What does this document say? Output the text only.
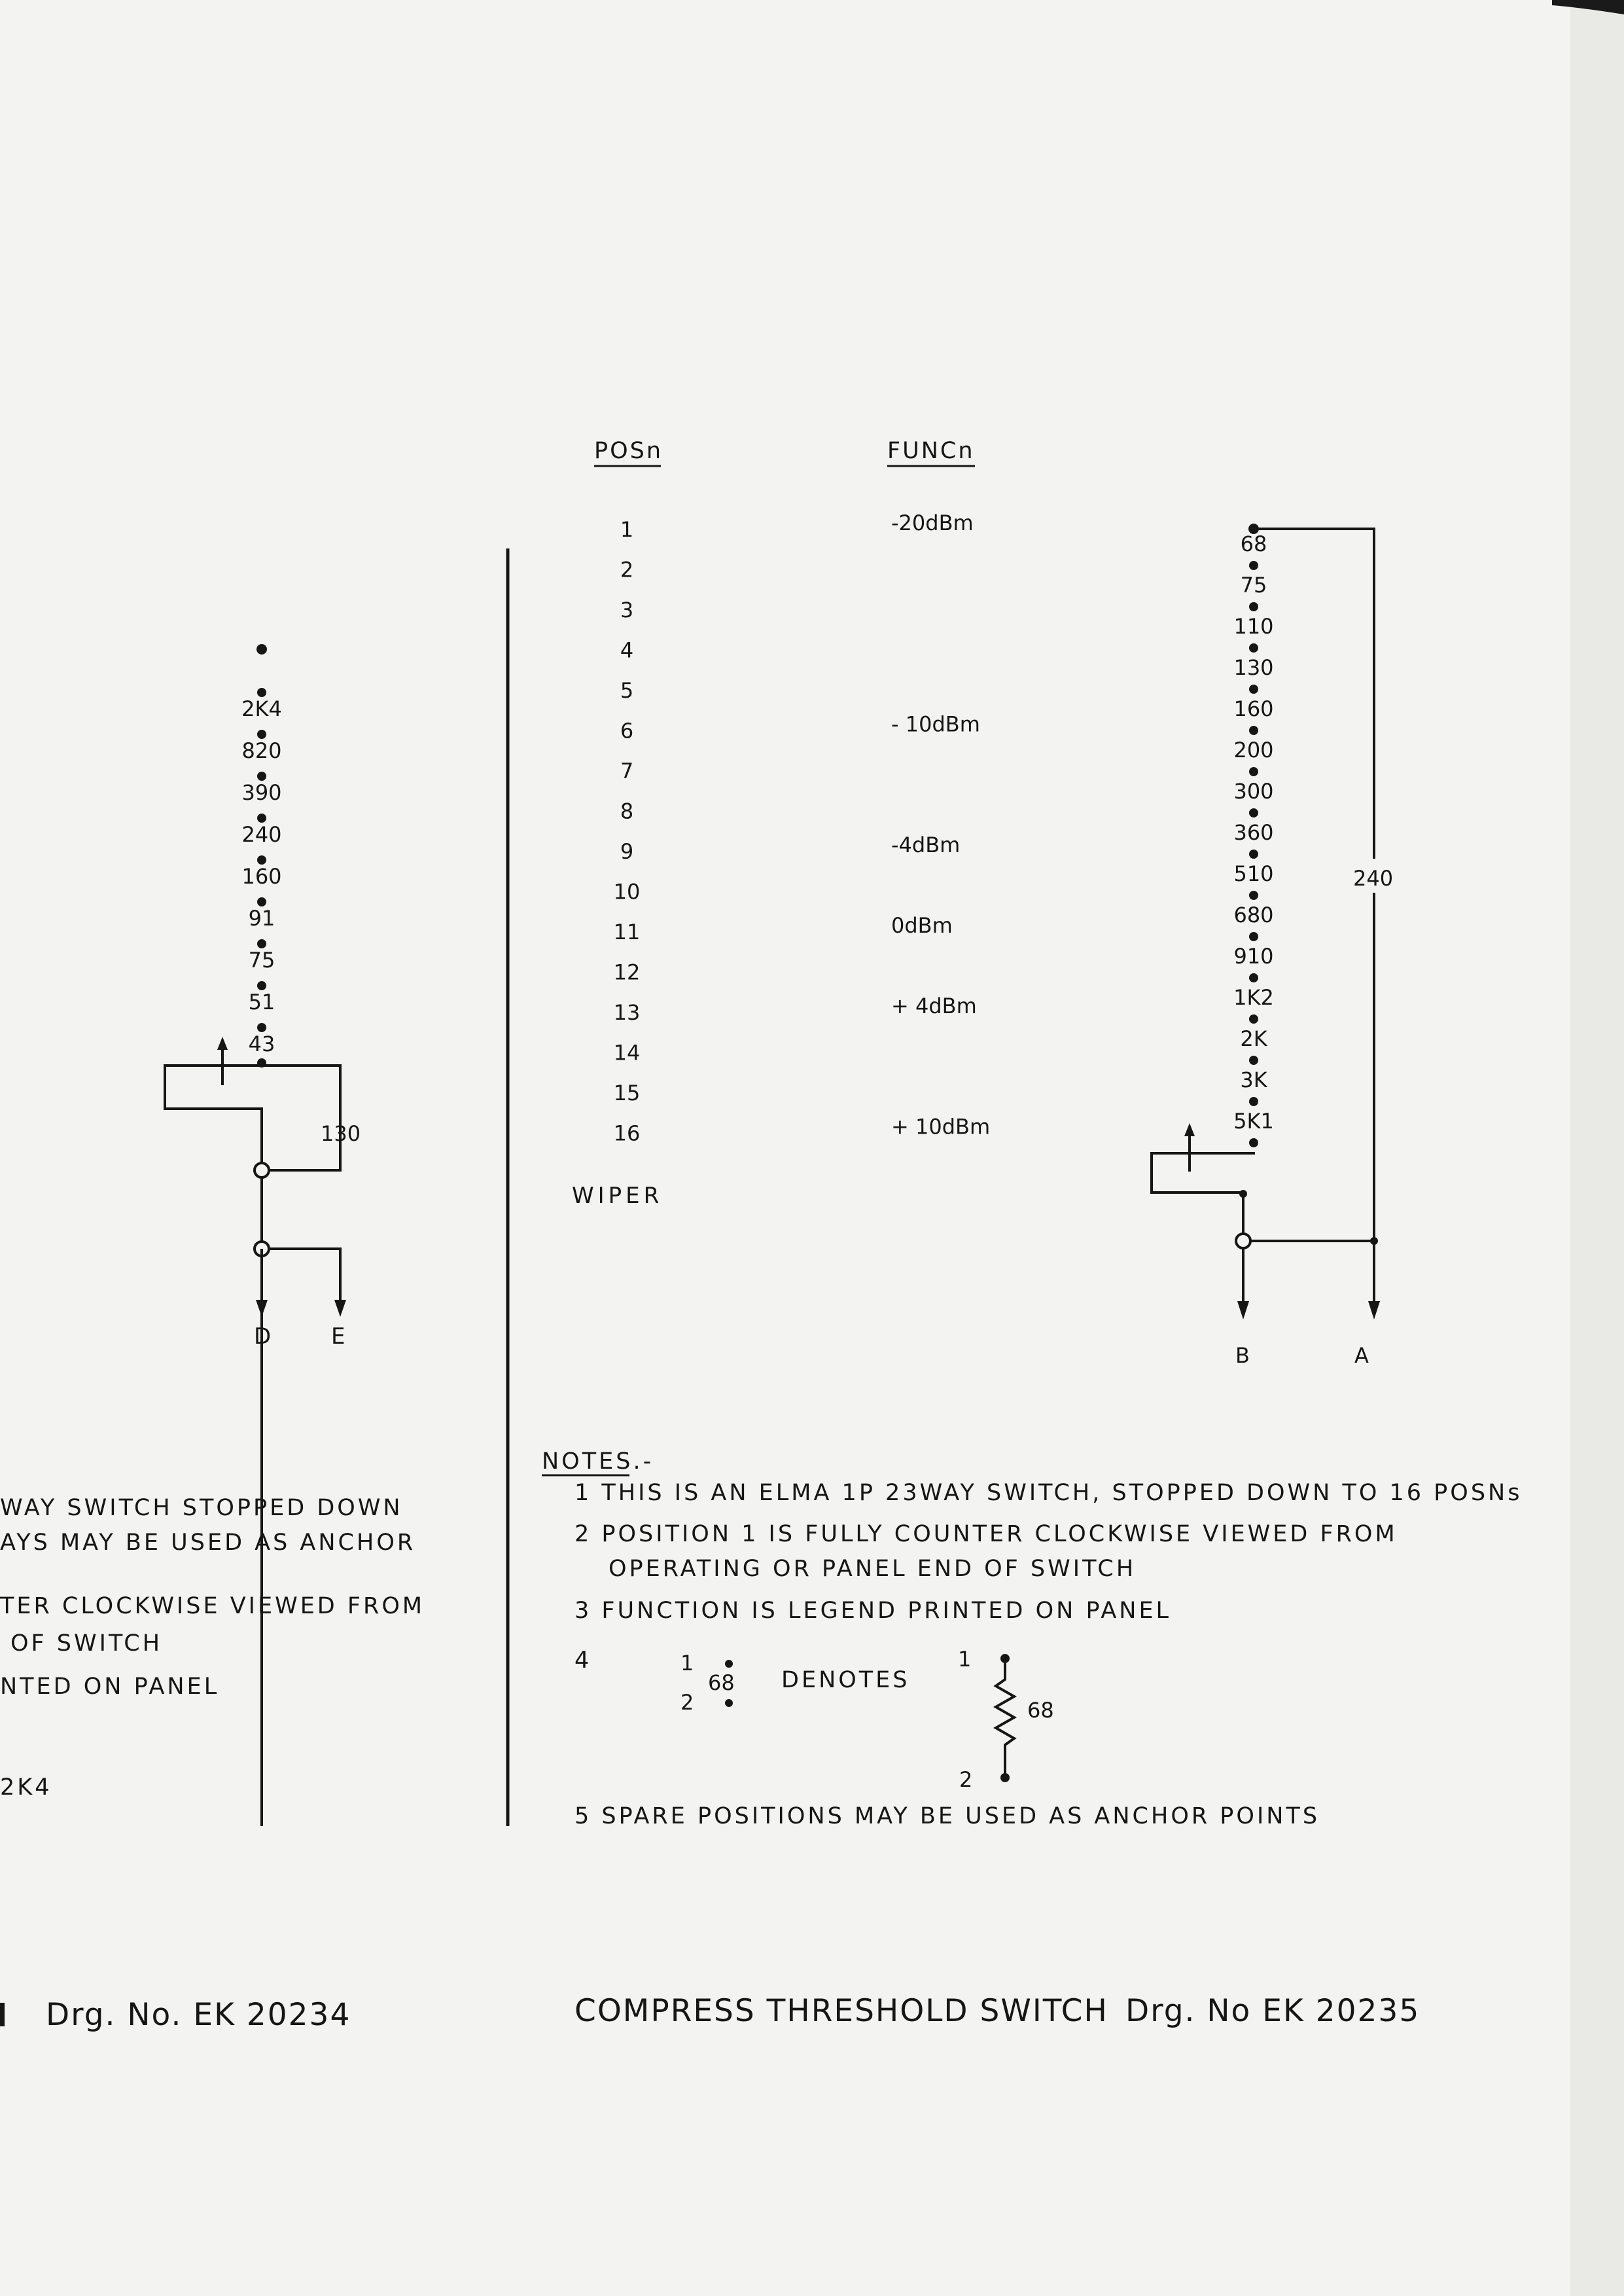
2K4
820
390
240
160
91
75
51
43
130
D	E
WAY SWITCH STOPPED DOWN
AYS MAY BE USED AS ANCHOR
TER CLOCKWISE VIEWED FROM
OF SWITCH
NTED ON PANEL
2K4
Drg. No. EK 20234
POSn	FUNCn
1	-20dBm
2
3
4
5
6	- 10dBm
7
8
9	-4dBm
10
11	0dBm
12
13	+ 4dBm
14
15
16	+ 10dBm
WIPER
240
68
75
110
130
160
200
300
360
510
680
910
1K2
2K
3K
5K1
B	A
NOTES.-
1 THIS IS AN ELMA 1P 23WAY SWITCH, STOPPED DOWN TO 16 POSNs
2 POSITION 1 IS FULLY COUNTER CLOCKWISE VIEWED FROM
OPERATING OR PANEL END OF SWITCH
3 FUNCTION IS LEGEND PRINTED ON PANEL
4
5 SPARE POSITIONS MAY BE USED AS ANCHOR POINTS
1
68
2
DENOTES
1
2
68
COMPRESS THRESHOLD SWITCH Drg. No EK 20235
